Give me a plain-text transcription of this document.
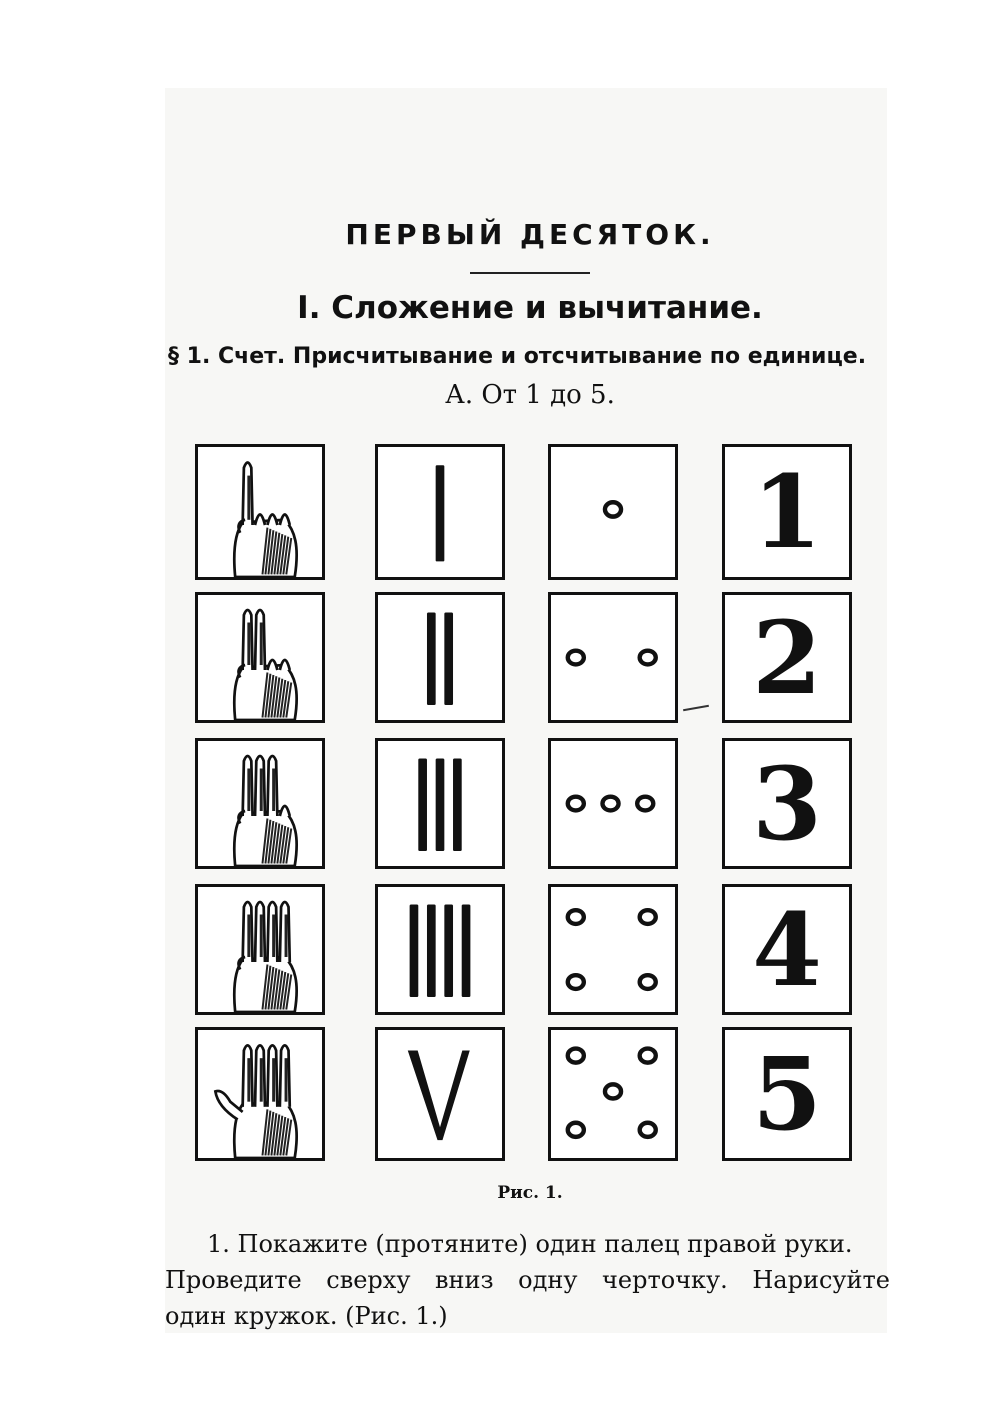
ПЕРВЫЙ ДЕСЯТОК.
I. Сложение и вычитание.
§ 1. Счет. Присчитывание и отсчитывание по единице.
А. От 1 до 5.
1
2
3
4
5
Рис. 1.
1. Покажите (протяните) один палец правой руки.
Проведите сверху вниз одну черточку. Нарисуйте
один кружок. (Рис. 1.)
